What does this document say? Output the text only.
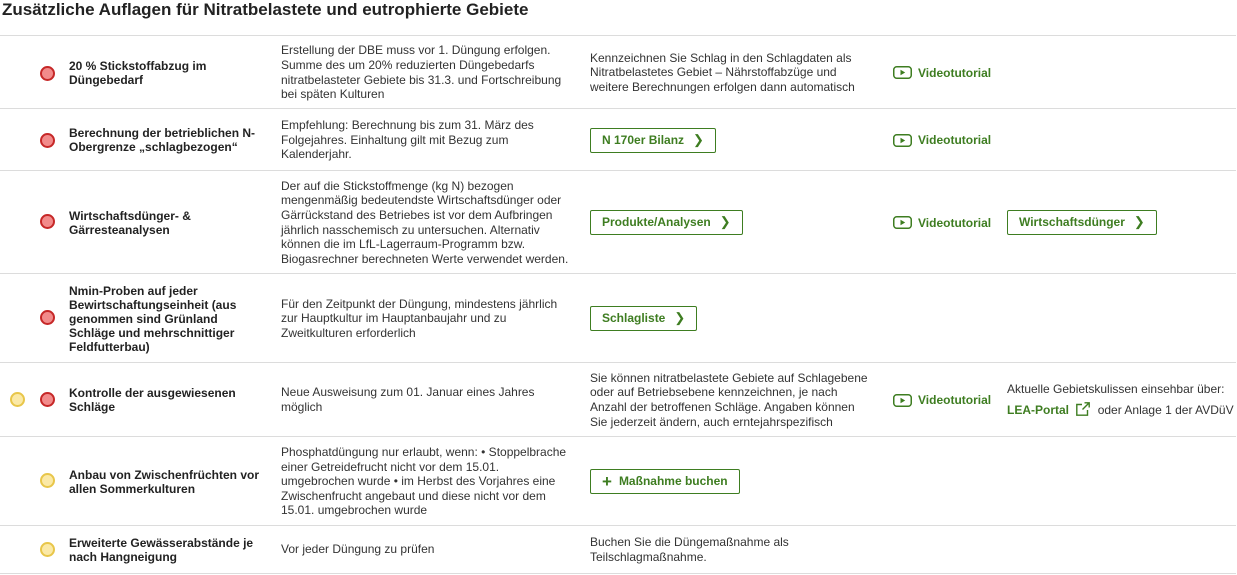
Zusätzliche Auflagen für Nitratbelastete und eutrophierte Gebiete
20 % Stickstoffabzug im Düngebedarf
Erstellung der DBE muss vor 1. Düngung erfolgen. Summe des um 20% reduzierten Düngebedarfs nitratbelasteter Gebiete bis 31.3. und Fortschreibung bei späten Kulturen
Kennzeichnen Sie Schlag in den Schlagdaten als Nitratbelastetes Gebiet – Nährstoffabzüge und weitere Berechnungen erfolgen dann automatisch
Videotutorial
Berechnung der betrieblichen N-Obergrenze „schlagbezogen“
Empfehlung: Berechnung bis zum 31. März des Folgejahres. Einhaltung gilt mit Bezug zum Kalenderjahr.
N 170er Bilanz ❯	Videotutorial
Wirtschaftsdünger- & Gärresteanalysen
Der auf die Stickstoffmenge (kg N) bezogen mengenmäßig bedeutendste Wirtschaftsdünger oder Gärrückstand des Betriebes ist vor dem Aufbringen jährlich nasschemisch zu untersuchen. Alternativ können die im LfL-Lagerraum-Programm bzw. Biogasrechner berechneten Werte verwendet werden.
Produkte/Analysen ❯	Videotutorial Wirtschaftsdünger ❯
Nmin-Proben auf jeder Bewirtschaftungseinheit (aus genommen sind Grünland Schläge und mehrschnittiger Feldfutterbau)
Für den Zeitpunkt der Düngung, mindestens jährlich zur Hauptkultur im Hauptanbaujahr und zu Zweitkulturen erforderlich
Schlagliste ❯
Kontrolle der ausgewiesenen Schläge
Neue Ausweisung zum 01. Januar eines Jahres möglich
Sie können nitratbelastete Gebiete auf Schlagebene oder auf Betriebsebene kennzeichnen, je nach Anzahl der betroffenen Schläge. Angaben können Sie jederzeit ändern, auch erntejahrspezifisch
Videotutorial
Aktuelle Gebietskulissen einsehbar über:
LEA-Portal oder Anlage 1 der AVDüV
Anbau von Zwischenfrüchten vor allen Sommerkulturen
Phosphatdüngung nur erlaubt, wenn: • Stoppelbrache einer Getreidefrucht nicht vor dem 15.01. umgebrochen wurde • im Herbst des Vorjahres eine Zwischenfrucht angebaut und diese nicht vor dem 15.01. umgebrochen wurde
+ Maßnahme buchen
Erweiterte Gewässerabstände je nach Hangneigung
Vor jeder Düngung zu prüfen
Buchen Sie die Düngemaßnahme als Teilschlagmaßnahme.
